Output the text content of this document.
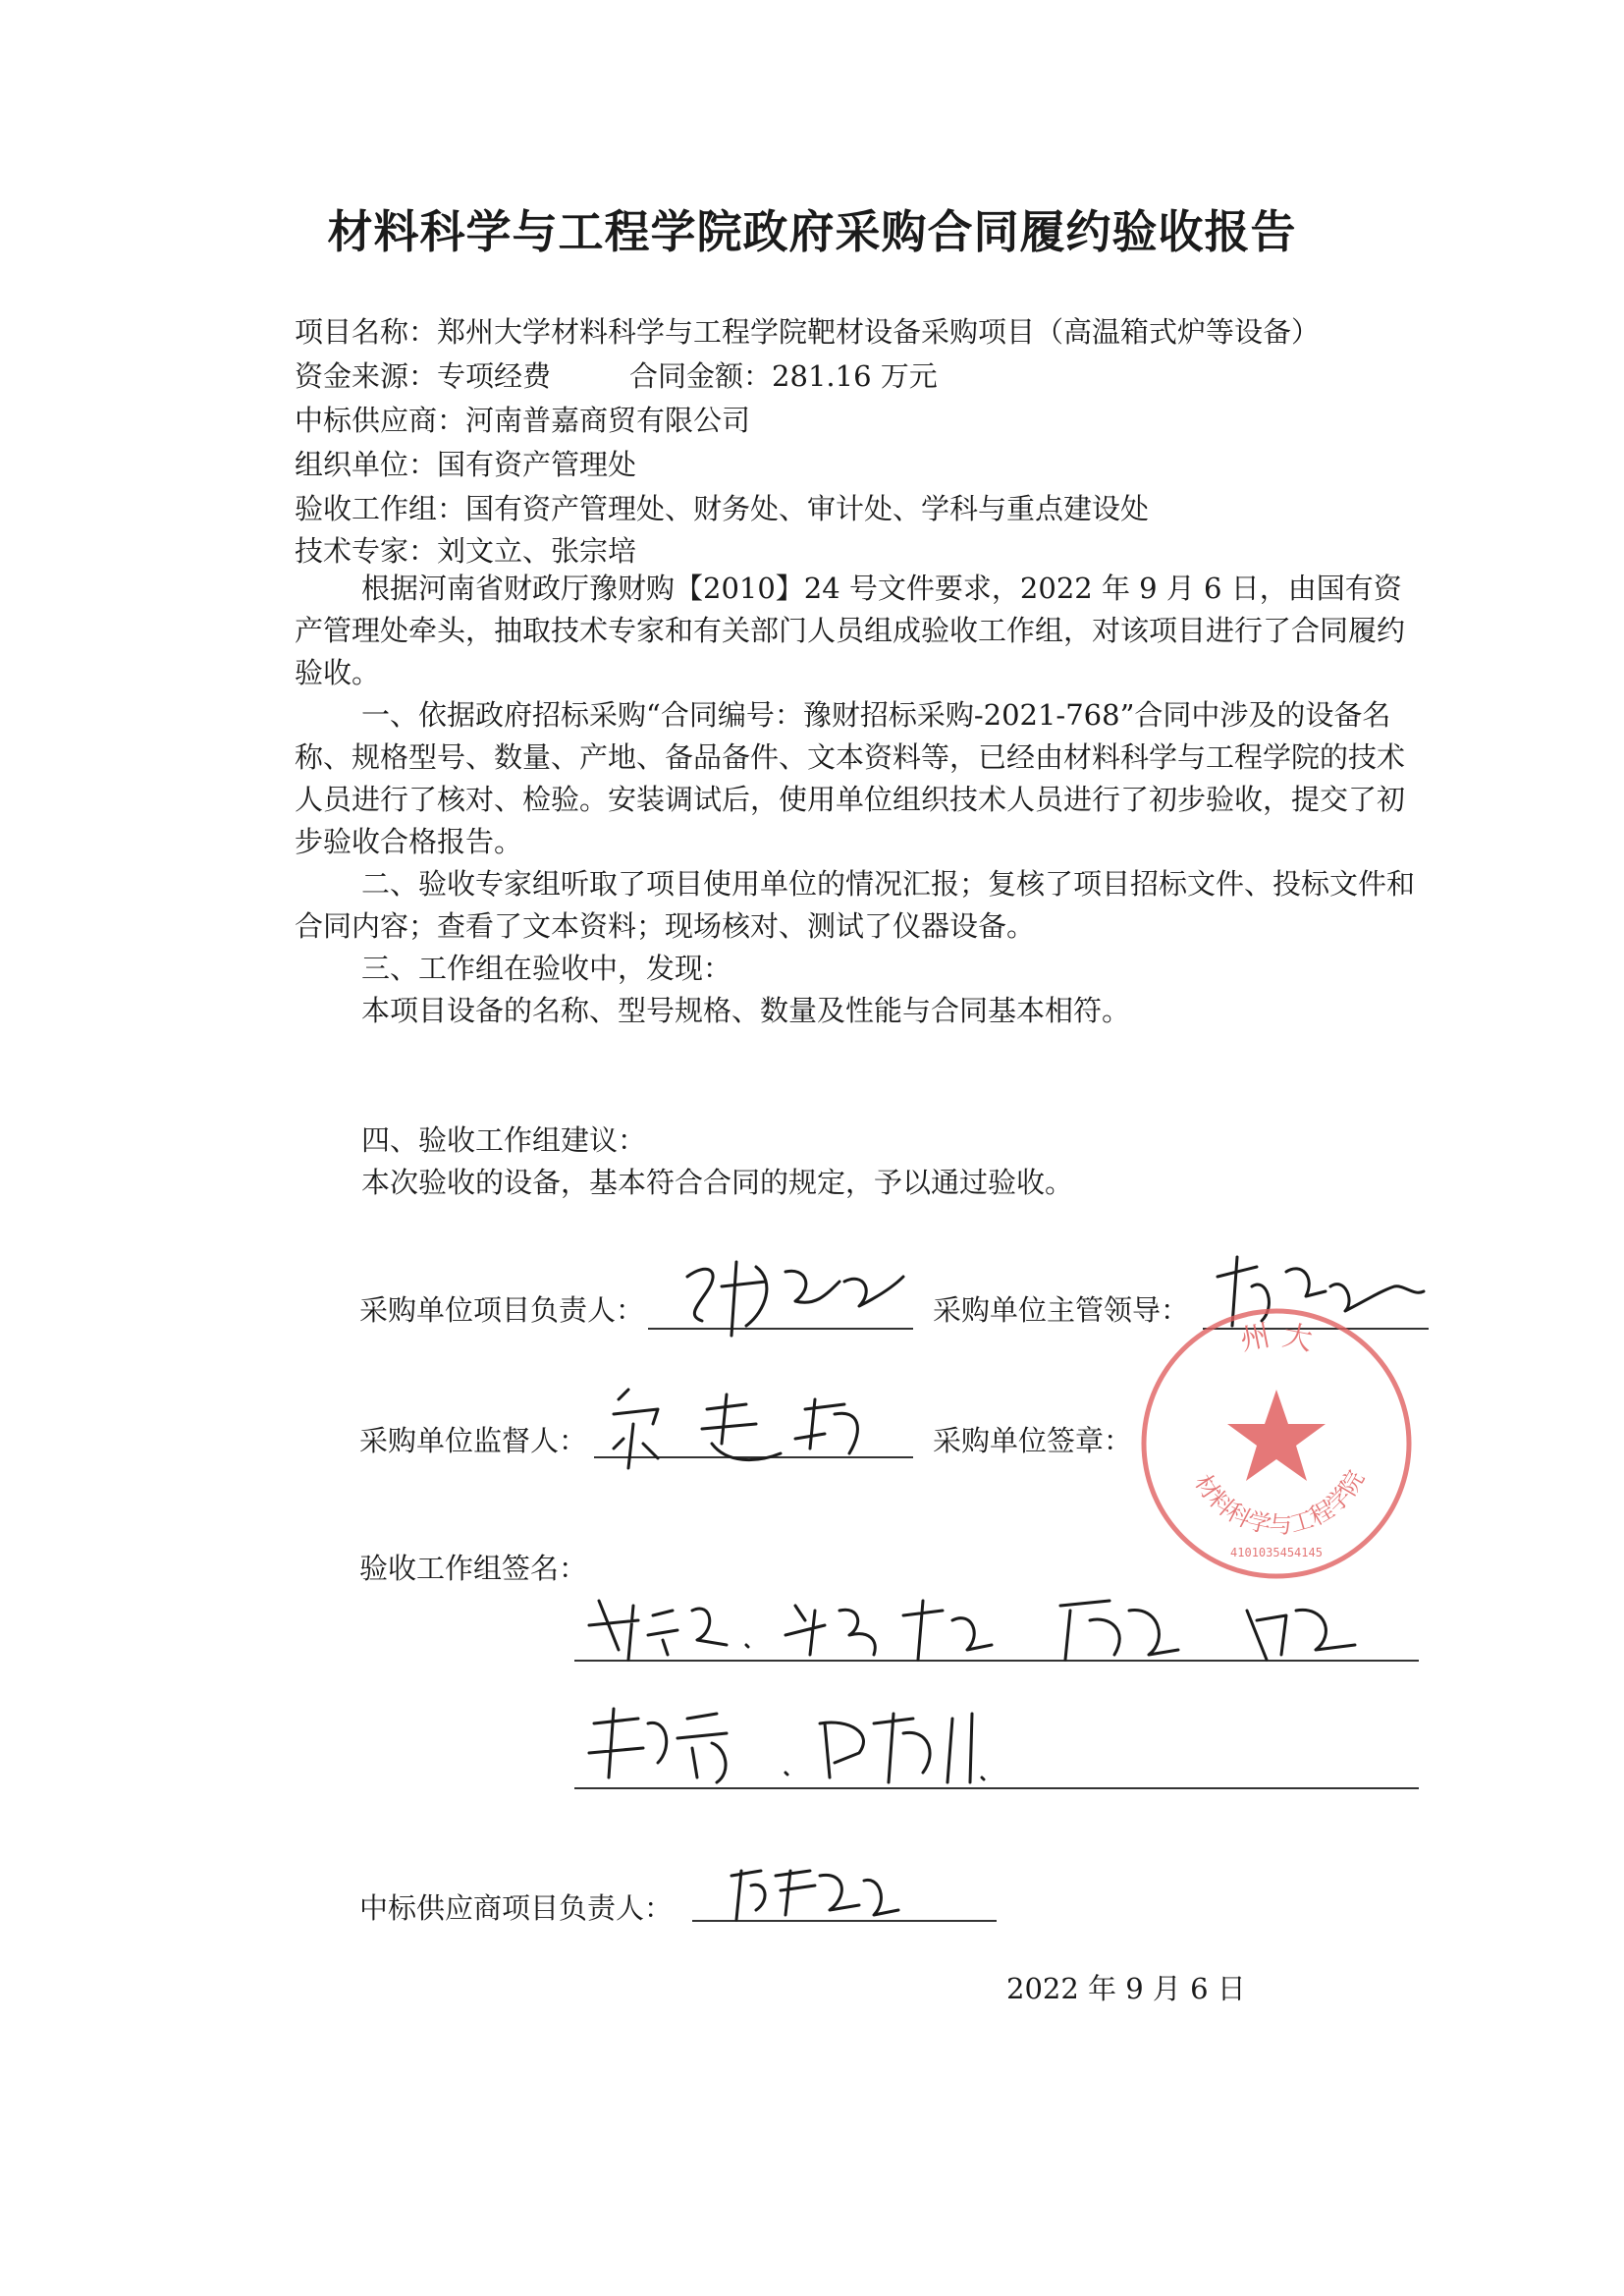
材料科学与工程学院政府采购合同履约验收报告
项目名称：郑州大学材料科学与工程学院靶材设备采购项目（高温箱式炉等设备）
资金来源：专项经费	合同金额：281.16 万元
中标供应商：河南普嘉商贸有限公司
组织单位：国有资产管理处
验收工作组：国有资产管理处、财务处、审计处、学科与重点建设处
技术专家：刘文立、张宗培

根据河南省财政厅豫财购【2010】24 号文件要求，2022 年 9 月 6 日，由国有资产管理处牵头，抽取技术专家和有关部门人员组成验收工作组，对该项目进行了合同履约验收。

一、依据政府招标采购“合同编号：豫财招标采购-2021-768”合同中涉及的设备名称、规格型号、数量、产地、备品备件、文本资料等，已经由材料科学与工程学院的技术人员进行了核对、检验。安装调试后，使用单位组织技术人员进行了初步验收，提交了初步验收合格报告。

二、验收专家组听取了项目使用单位的情况汇报；复核了项目招标文件、投标文件和合同内容；查看了文本资料；现场核对、测试了仪器设备。

三、工作组在验收中，发现：

本项目设备的名称、型号规格、数量及性能与合同基本相符。

四、验收工作组建议：

本次验收的设备，基本符合合同的规定，予以通过验收。

采购单位项目负责人：	采购单位主管领导：
采购单位监督人：	采购单位签章：
州 大
材料科学与工程学院
4101035454145
验收工作组签名：
中标供应商项目负责人：
2022 年 9 月 6 日
